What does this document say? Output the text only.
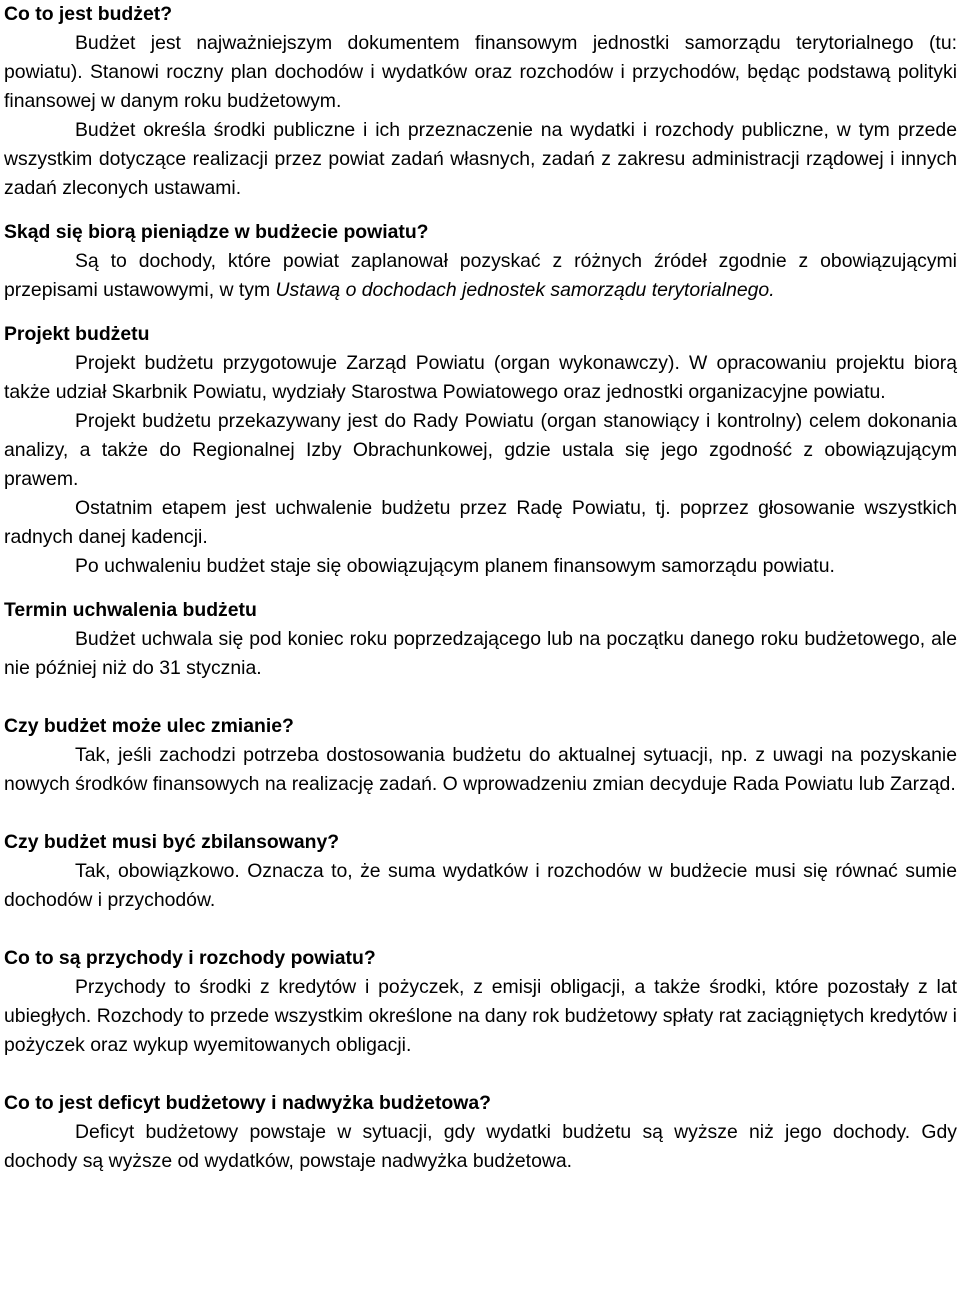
Co to jest budżet?

Budżet jest najważniejszym dokumentem finansowym jednostki samorządu terytorialnego (tu: powiatu). Stanowi roczny plan dochodów i wydatków oraz rozchodów i przychodów, będąc podstawą polityki finansowej w danym roku budżetowym.

Budżet określa środki publiczne i ich przeznaczenie na wydatki i rozchody publiczne, w tym przede wszystkim dotyczące realizacji przez powiat zadań własnych, zadań z zakresu administracji rządowej i innych zadań zleconych ustawami.

Skąd się biorą pieniądze w budżecie powiatu?

Są to dochody, które powiat zaplanował pozyskać z różnych źródeł zgodnie z obowiązującymi przepisami ustawowymi, w tym Ustawą o dochodach jednostek samorządu terytorialnego.

Projekt budżetu

Projekt budżetu przygotowuje Zarząd Powiatu (organ wykonawczy). W opracowaniu projektu biorą także udział Skarbnik Powiatu, wydziały Starostwa Powiatowego oraz jednostki organizacyjne powiatu.

Projekt budżetu przekazywany jest do Rady Powiatu (organ stanowiący i kontrolny) celem dokonania analizy, a także do Regionalnej Izby Obrachunkowej, gdzie ustala się jego zgodność z obowiązującym prawem.

Ostatnim etapem jest uchwalenie budżetu przez Radę Powiatu, tj. poprzez głosowanie wszystkich radnych danej kadencji.

Po uchwaleniu budżet staje się obowiązującym planem finansowym samorządu powiatu.

Termin uchwalenia budżetu

Budżet uchwala się pod koniec roku poprzedzającego lub na początku danego roku budżetowego, ale nie później niż do 31 stycznia.

Czy budżet może ulec zmianie?

Tak, jeśli zachodzi potrzeba dostosowania budżetu do aktualnej sytuacji, np. z uwagi na pozyskanie nowych środków finansowych na realizację zadań. O wprowadzeniu zmian decyduje Rada Powiatu lub Zarząd.

Czy budżet musi być zbilansowany?

Tak, obowiązkowo. Oznacza to, że suma wydatków i rozchodów w budżecie musi się równać sumie dochodów i przychodów.

Co to są przychody i rozchody powiatu?

Przychody to środki z kredytów i pożyczek, z emisji obligacji, a także środki, które pozostały z lat ubiegłych. Rozchody to przede wszystkim określone na dany rok budżetowy spłaty rat zaciągniętych kredytów i pożyczek oraz wykup wyemitowanych obligacji.

Co to jest deficyt budżetowy i nadwyżka budżetowa?

Deficyt budżetowy powstaje w sytuacji, gdy wydatki budżetu są wyższe niż jego dochody. Gdy dochody są wyższe od wydatków, powstaje nadwyżka budżetowa.
